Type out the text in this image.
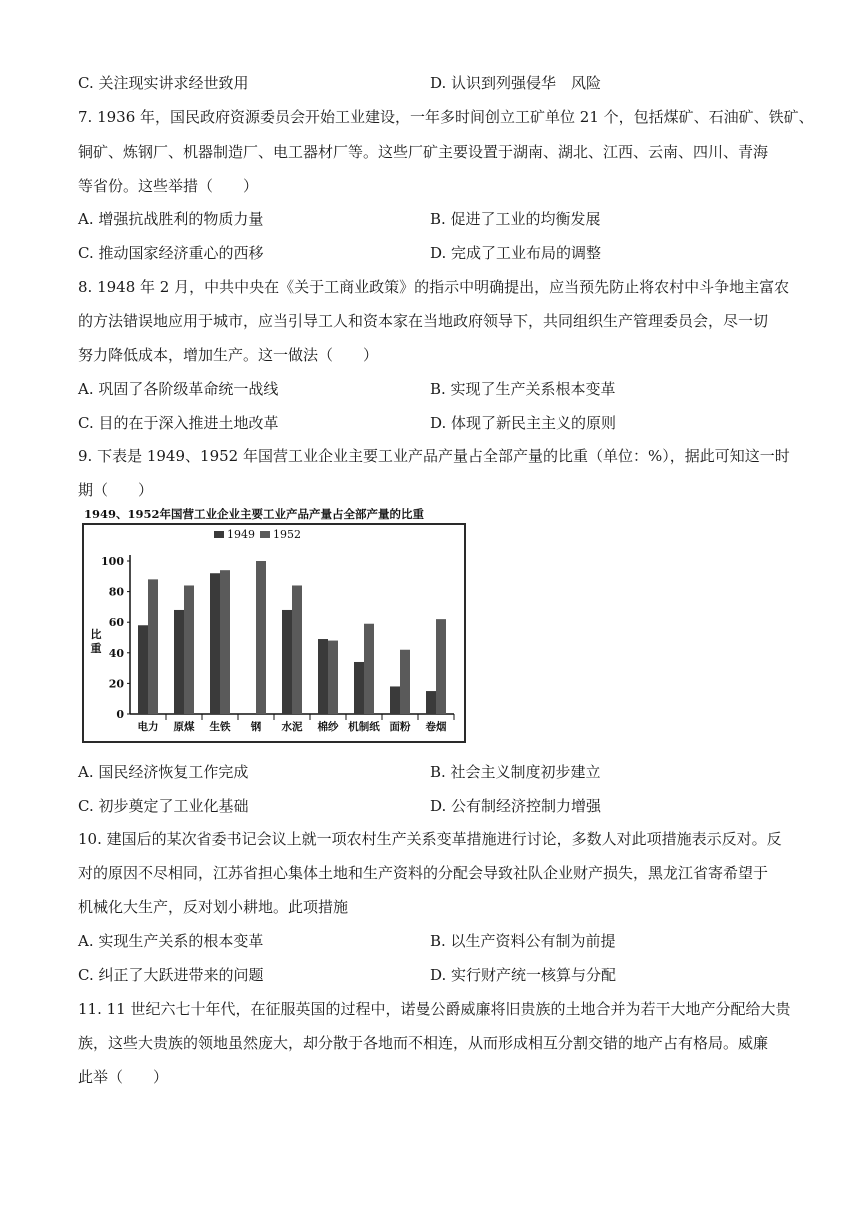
C. 关注现实讲求经世致用	D. 认识到列强侵华　风险
7. 1936 年，国民政府资源委员会开始工业建设，一年多时间创立工矿单位 21 个，包括煤矿、石油矿、铁矿、
铜矿、炼钢厂、机器制造厂、电工器材厂等。这些厂矿主要设置于湖南、湖北、江西、云南、四川、青海
等省份。这些举措（　　）
A. 增强抗战胜利的物质力量	B. 促进了工业的均衡发展
C. 推动国家经济重心的西移	D. 完成了工业布局的调整
8. 1948 年 2 月，中共中央在《关于工商业政策》的指示中明确提出，应当预先防止将农村中斗争地主富农
的方法错误地应用于城市，应当引导工人和资本家在当地政府领导下，共同组织生产管理委员会，尽一切
努力降低成本，增加生产。这一做法（　　）
A. 巩固了各阶级革命统一战线	B. 实现了生产关系根本变革
C. 目的在于深入推进土地改革	D. 体现了新民主主义的原则
9. 下表是 1949、1952 年国营工业企业主要工业产品产量占全部产量的比重（单位：%），据此可知这一时
期（　　）
1949、1952年国营工业企业主要工业产品产量占全部产量的比重
1949 1952
0
20
40
60
80
100
比
重
电力 原煤 生铁 钢 水泥 棉纱 机制纸 面粉 卷烟
A. 国民经济恢复工作完成	B. 社会主义制度初步建立
C. 初步奠定了工业化基础	D. 公有制经济控制力增强
10. 建国后的某次省委书记会议上就一项农村生产关系变革措施进行讨论，多数人对此项措施表示反对。反
对的原因不尽相同，江苏省担心集体土地和生产资料的分配会导致社队企业财产损失，黑龙江省寄希望于
机械化大生产，反对划小耕地。此项措施
A. 实现生产关系的根本变革	B. 以生产资料公有制为前提
C. 纠正了大跃进带来的问题	D. 实行财产统一核算与分配
11. 11 世纪六七十年代，在征服英国的过程中，诺曼公爵威廉将旧贵族的土地合并为若干大地产分配给大贵
族，这些大贵族的领地虽然庞大，却分散于各地而不相连，从而形成相互分割交错的地产占有格局。威廉
此举（　　）
